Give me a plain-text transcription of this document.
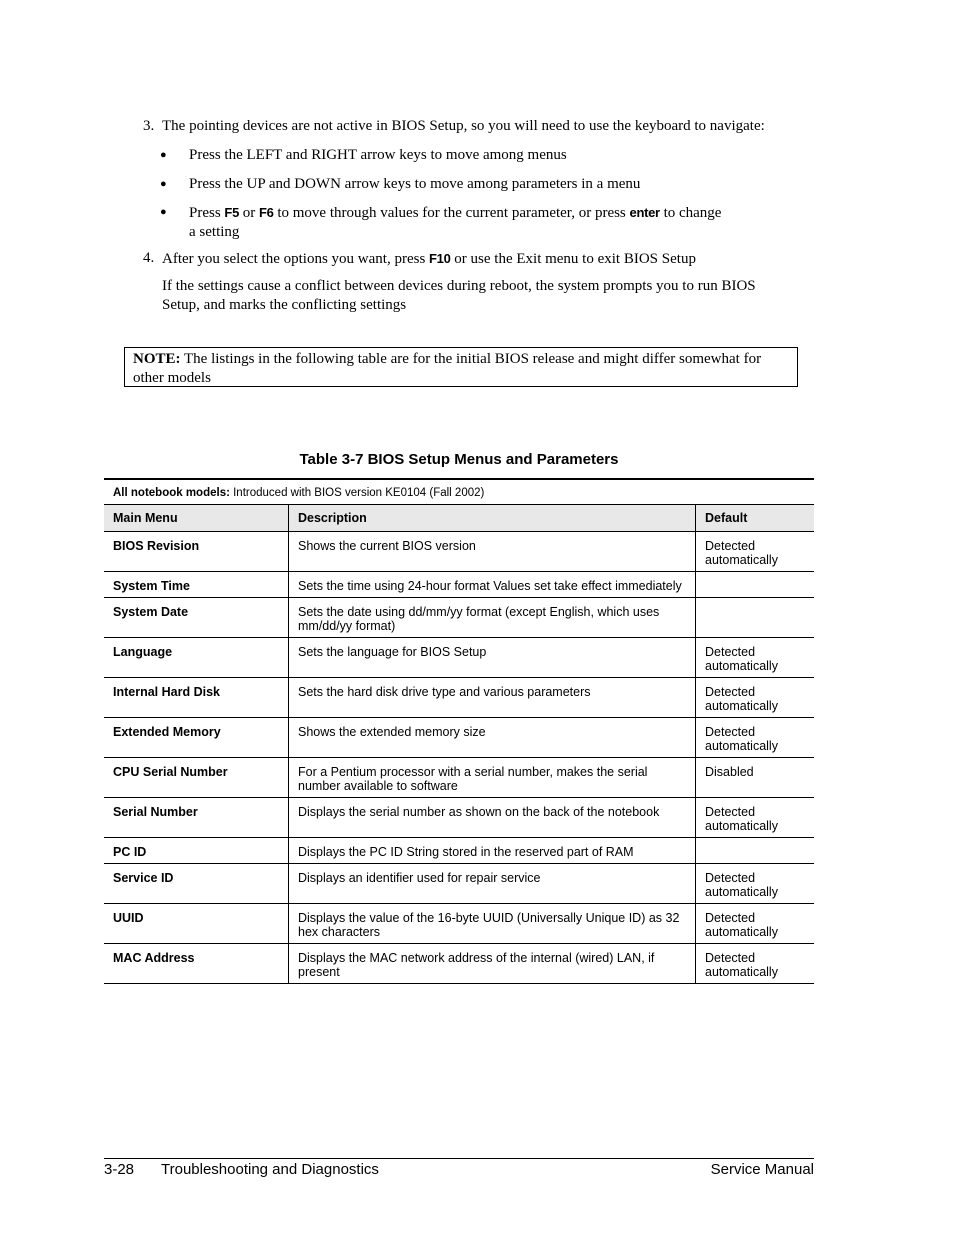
3. The pointing devices are not active in BIOS Setup, so you will need to use the keyboard to navigate:
● Press the LEFT and RIGHT arrow keys to move among menus
● Press the UP and DOWN arrow keys to move among parameters in a menu
● Press F5 or F6 to move through values for the current parameter, or press enter to change
a setting
4. After you select the options you want, press F10 or use the Exit menu to exit BIOS Setup
If the settings cause a conflict between devices during reboot, the system prompts you to run BIOS Setup, and marks the conflicting settings
NOTE: The listings in the following table are for the initial BIOS release and might differ somewhat for other models
Table 3-7 BIOS Setup Menus and Parameters
All notebook models: Introduced with BIOS version KE0104 (Fall 2002)		
Main Menu	Description	Default
BIOS Revision	Shows the current BIOS version	Detected automatically
System Time	Sets the time using 24-hour format Values set take effect immediately	
System Date	Sets the date using dd/mm/yy format (except English, which uses mm/dd/yy format)	
Language	Sets the language for BIOS Setup	Detected automatically
Internal Hard Disk	Sets the hard disk drive type and various parameters	Detected automatically
Extended Memory	Shows the extended memory size	Detected automatically
CPU Serial Number	For a Pentium processor with a serial number, makes the serial number available to software	Disabled
Serial Number	Displays the serial number as shown on the back of the notebook	Detected automatically
PC ID	Displays the PC ID String stored in the reserved part of RAM	
Service ID	Displays an identifier used for repair service	Detected automatically
UUID	Displays the value of the 16-byte UUID (Universally Unique ID) as 32 hex characters	Detected automatically
MAC Address	Displays the MAC network address of the internal (wired) LAN, if present	Detected automatically
3-28 Troubleshooting and Diagnostics	Service Manual
